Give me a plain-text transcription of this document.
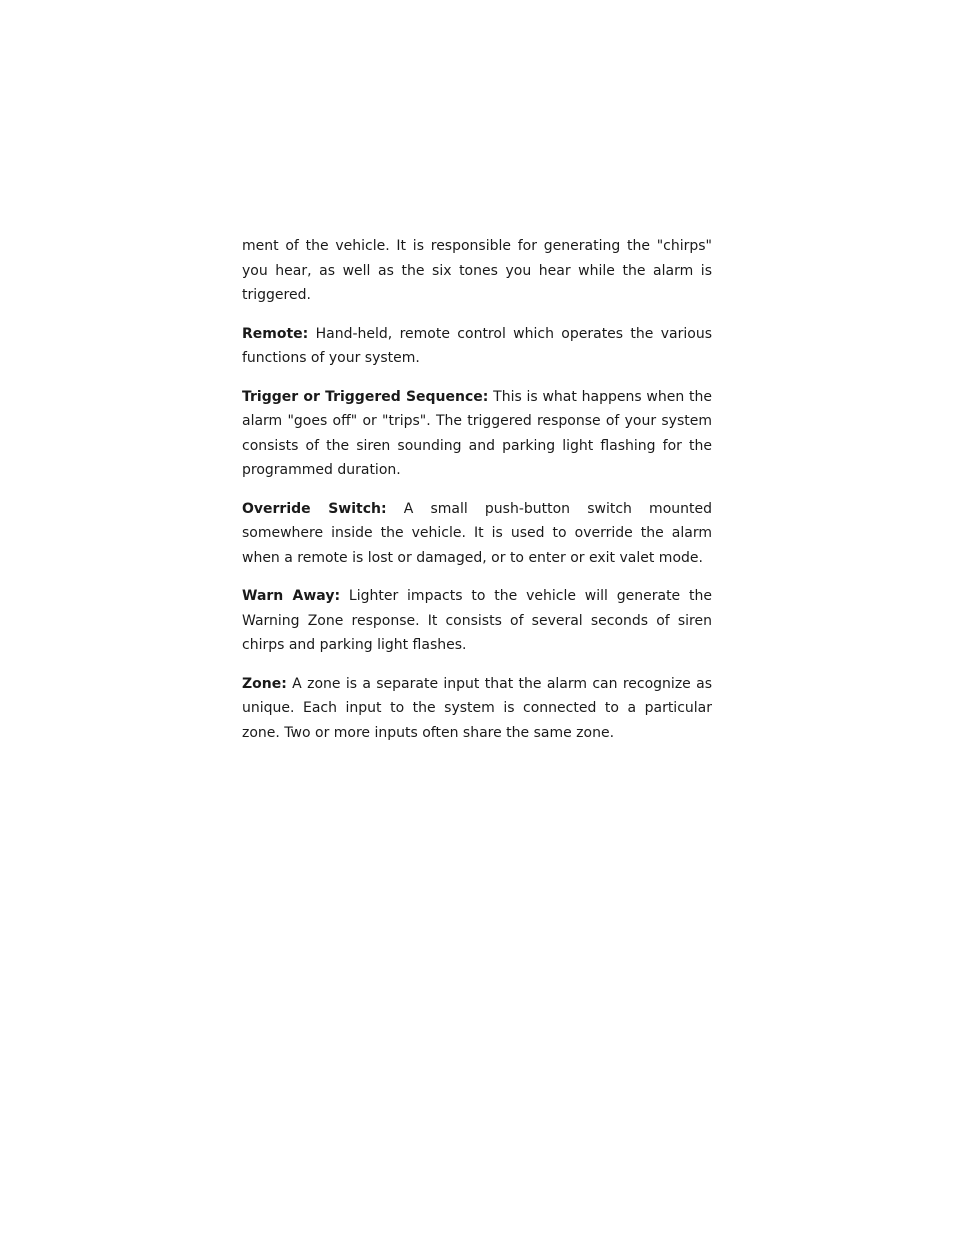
ment of the vehicle. It is responsible for generating the "chirps" you hear, as well as the six tones you hear while the alarm is triggered.

Remote: Hand-held, remote control which operates the various functions of your system.

Trigger or Triggered Sequence: This is what happens when the alarm "goes off" or "trips". The triggered response of your system consists of the siren sounding and parking light flashing for the programmed duration.

Override Switch: A small push-button switch mounted somewhere inside the vehicle. It is used to override the alarm when a remote is lost or damaged, or to enter or exit valet mode.

Warn Away: Lighter impacts to the vehicle will generate the Warning Zone response. It consists of several seconds of siren chirps and parking light flashes.

Zone: A zone is a separate input that the alarm can recognize as unique. Each input to the system is connected to a particular zone. Two or more inputs often share the same zone.
